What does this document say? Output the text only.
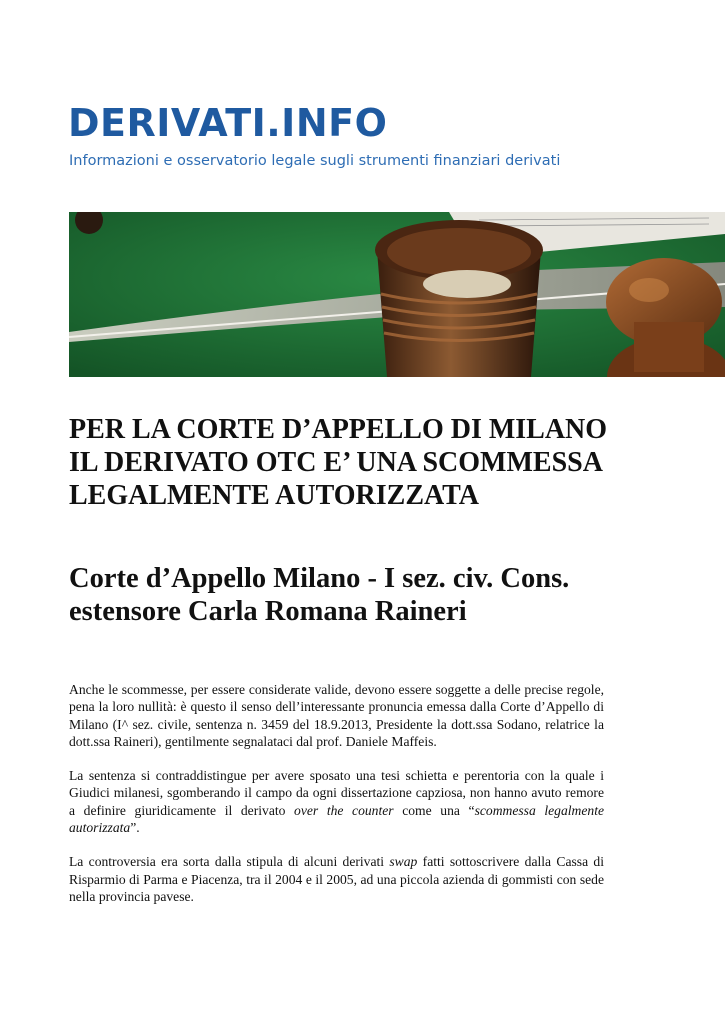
DERIVATI.INFO
Informazioni e osservatorio legale sugli strumenti finanziari derivati
PER LA CORTE D’APPELLO DI MILANO IL DERIVATO OTC E’ UNA SCOMMESSA LEGALMENTE AUTORIZZATA
Corte d’Appello Milano - I sez. civ. Cons. estensore Carla Romana Raineri

Anche le scommesse, per essere considerate valide, devono essere soggette a delle precise regole, pena la loro nullità: è questo il senso dell’interessante pronuncia emessa dalla Corte d’Appello di Milano (I^ sez. civile, sentenza n. 3459 del 18.9.2013, Presidente la dott.ssa Sodano, relatrice la dott.ssa Raineri), gentilmente segnalataci dal prof. Daniele Maffeis.

La sentenza si contraddistingue per avere sposato una tesi schietta e perentoria con la quale i Giudici milanesi, sgomberando il campo da ogni dissertazione capziosa, non hanno avuto remore a definire giuridicamente il derivato over the counter come una “scommessa legalmente autorizzata”.

La controversia era sorta dalla stipula di alcuni derivati swap fatti sottoscrivere dalla Cassa di Risparmio di Parma e Piacenza, tra il 2004 e il 2005, ad una piccola azienda di gommisti con sede nella provincia pavese.
